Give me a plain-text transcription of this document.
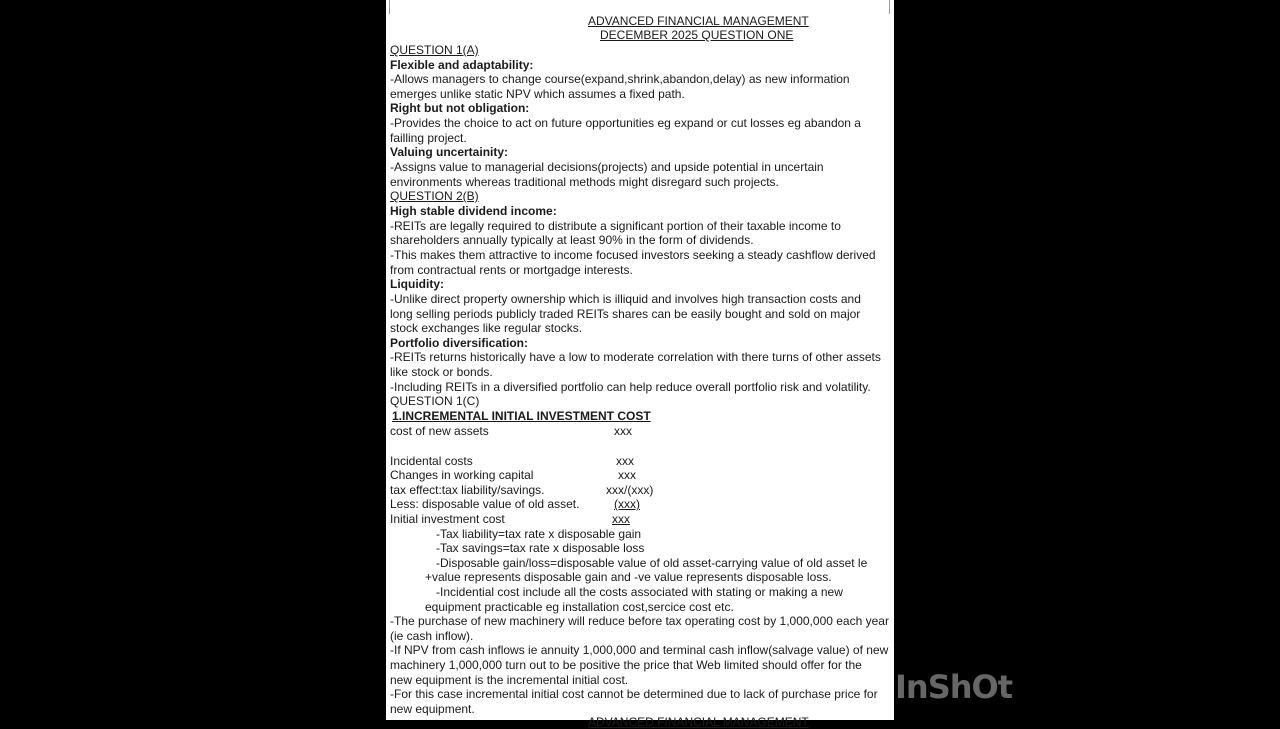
ADVANCED FINANCIAL MANAGEMENT
DECEMBER 2025 QUESTION ONE
QUESTION 1(A)
Flexible and adaptability:
-Allows managers to change course(expand,shrink,abandon,delay) as new information
emerges unlike static NPV which assumes a fixed path.
Right but not obligation:
-Provides the choice to act on future opportunities eg expand or cut losses eg abandon a
failling project.
Valuing uncertainity:
-Assigns value to managerial decisions(projects) and upside potential in uncertain
environments whereas traditional methods might disregard such projects.
QUESTION 2(B)
High stable dividend income:
-REITs are legally required to distribute a significant portion of their taxable income to
shareholders annually typically at least 90% in the form of dividends.
-This makes them attractive to income focused investors seeking a steady cashflow derived
from contractual rents or mortgadge interests.
Liquidity:
-Unlike direct property ownership which is illiquid and involves high transaction costs and
long selling periods publicly traded REITs shares can be easily bought and sold on major
stock exchanges like regular stocks.
Portfolio diversification:
-REITs returns historically have a low to moderate correlation with there turns of other assets
like stock or bonds.
-Including REITs in a diversified portfolio can help reduce overall portfolio risk and volatility.
QUESTION 1(C)
1.INCREMENTAL INITIAL INVESTMENT COST
cost of new assets	xxx
Incidental costs	xxx
Changes in working capital	xxx
tax effect:tax liability/savings.	xxx/(xxx)
Less: disposable value of old asset.	(xxx)
Initial investment cost	xxx
-Tax liability=tax rate x disposable gain
-Tax savings=tax rate x disposable loss
-Disposable gain/loss=disposable value of old asset-carrying value of old asset le
+value represents disposable gain and -ve value represents disposable loss.
-Incidential cost include all the costs associated with stating or making a new
equipment practicable eg installation cost,sercice cost etc.
-The purchase of new machinery will reduce before tax operating cost by 1,000,000 each year
(ie cash inflow).
-If NPV from cash inflows ie annuity 1,000,000 and terminal cash inflow(salvage value) of new
machinery 1,000,000 turn out to be positive the price that Web limited should offer for the
new equipment is the incremental initial cost.
-For this case incremental initial cost cannot be determined due to lack of purchase price for
new equipment.
ADVANCED FINANCIAL MANAGEMENT
InShOt
